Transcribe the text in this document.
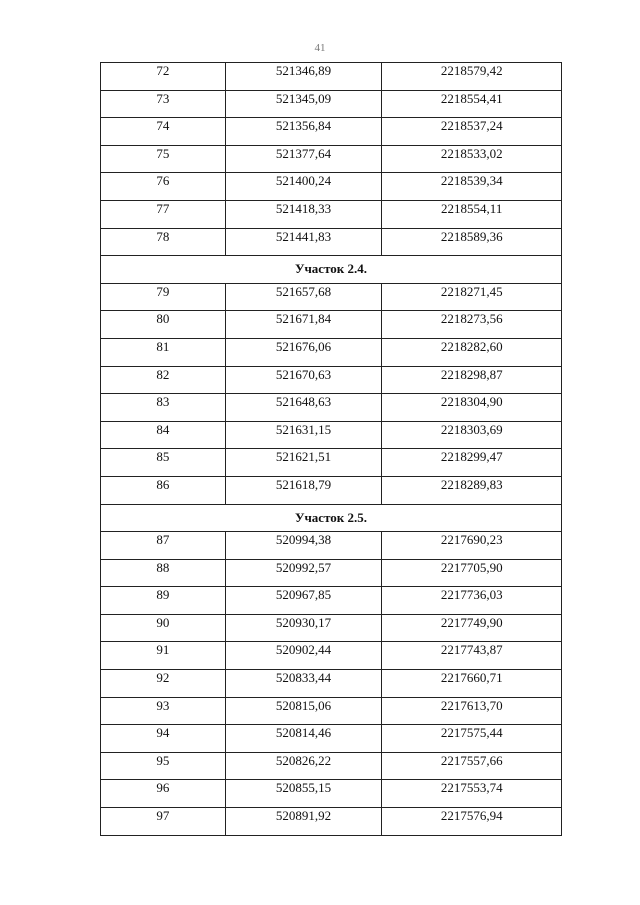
41
72	521346,89	2218579,42
73	521345,09	2218554,41
74	521356,84	2218537,24
75	521377,64	2218533,02
76	521400,24	2218539,34
77	521418,33	2218554,11
78	521441,83	2218589,36
Участок 2.4.		
79	521657,68	2218271,45
80	521671,84	2218273,56
81	521676,06	2218282,60
82	521670,63	2218298,87
83	521648,63	2218304,90
84	521631,15	2218303,69
85	521621,51	2218299,47
86	521618,79	2218289,83
Участок 2.5.		
87	520994,38	2217690,23
88	520992,57	2217705,90
89	520967,85	2217736,03
90	520930,17	2217749,90
91	520902,44	2217743,87
92	520833,44	2217660,71
93	520815,06	2217613,70
94	520814,46	2217575,44
95	520826,22	2217557,66
96	520855,15	2217553,74
97	520891,92	2217576,94
